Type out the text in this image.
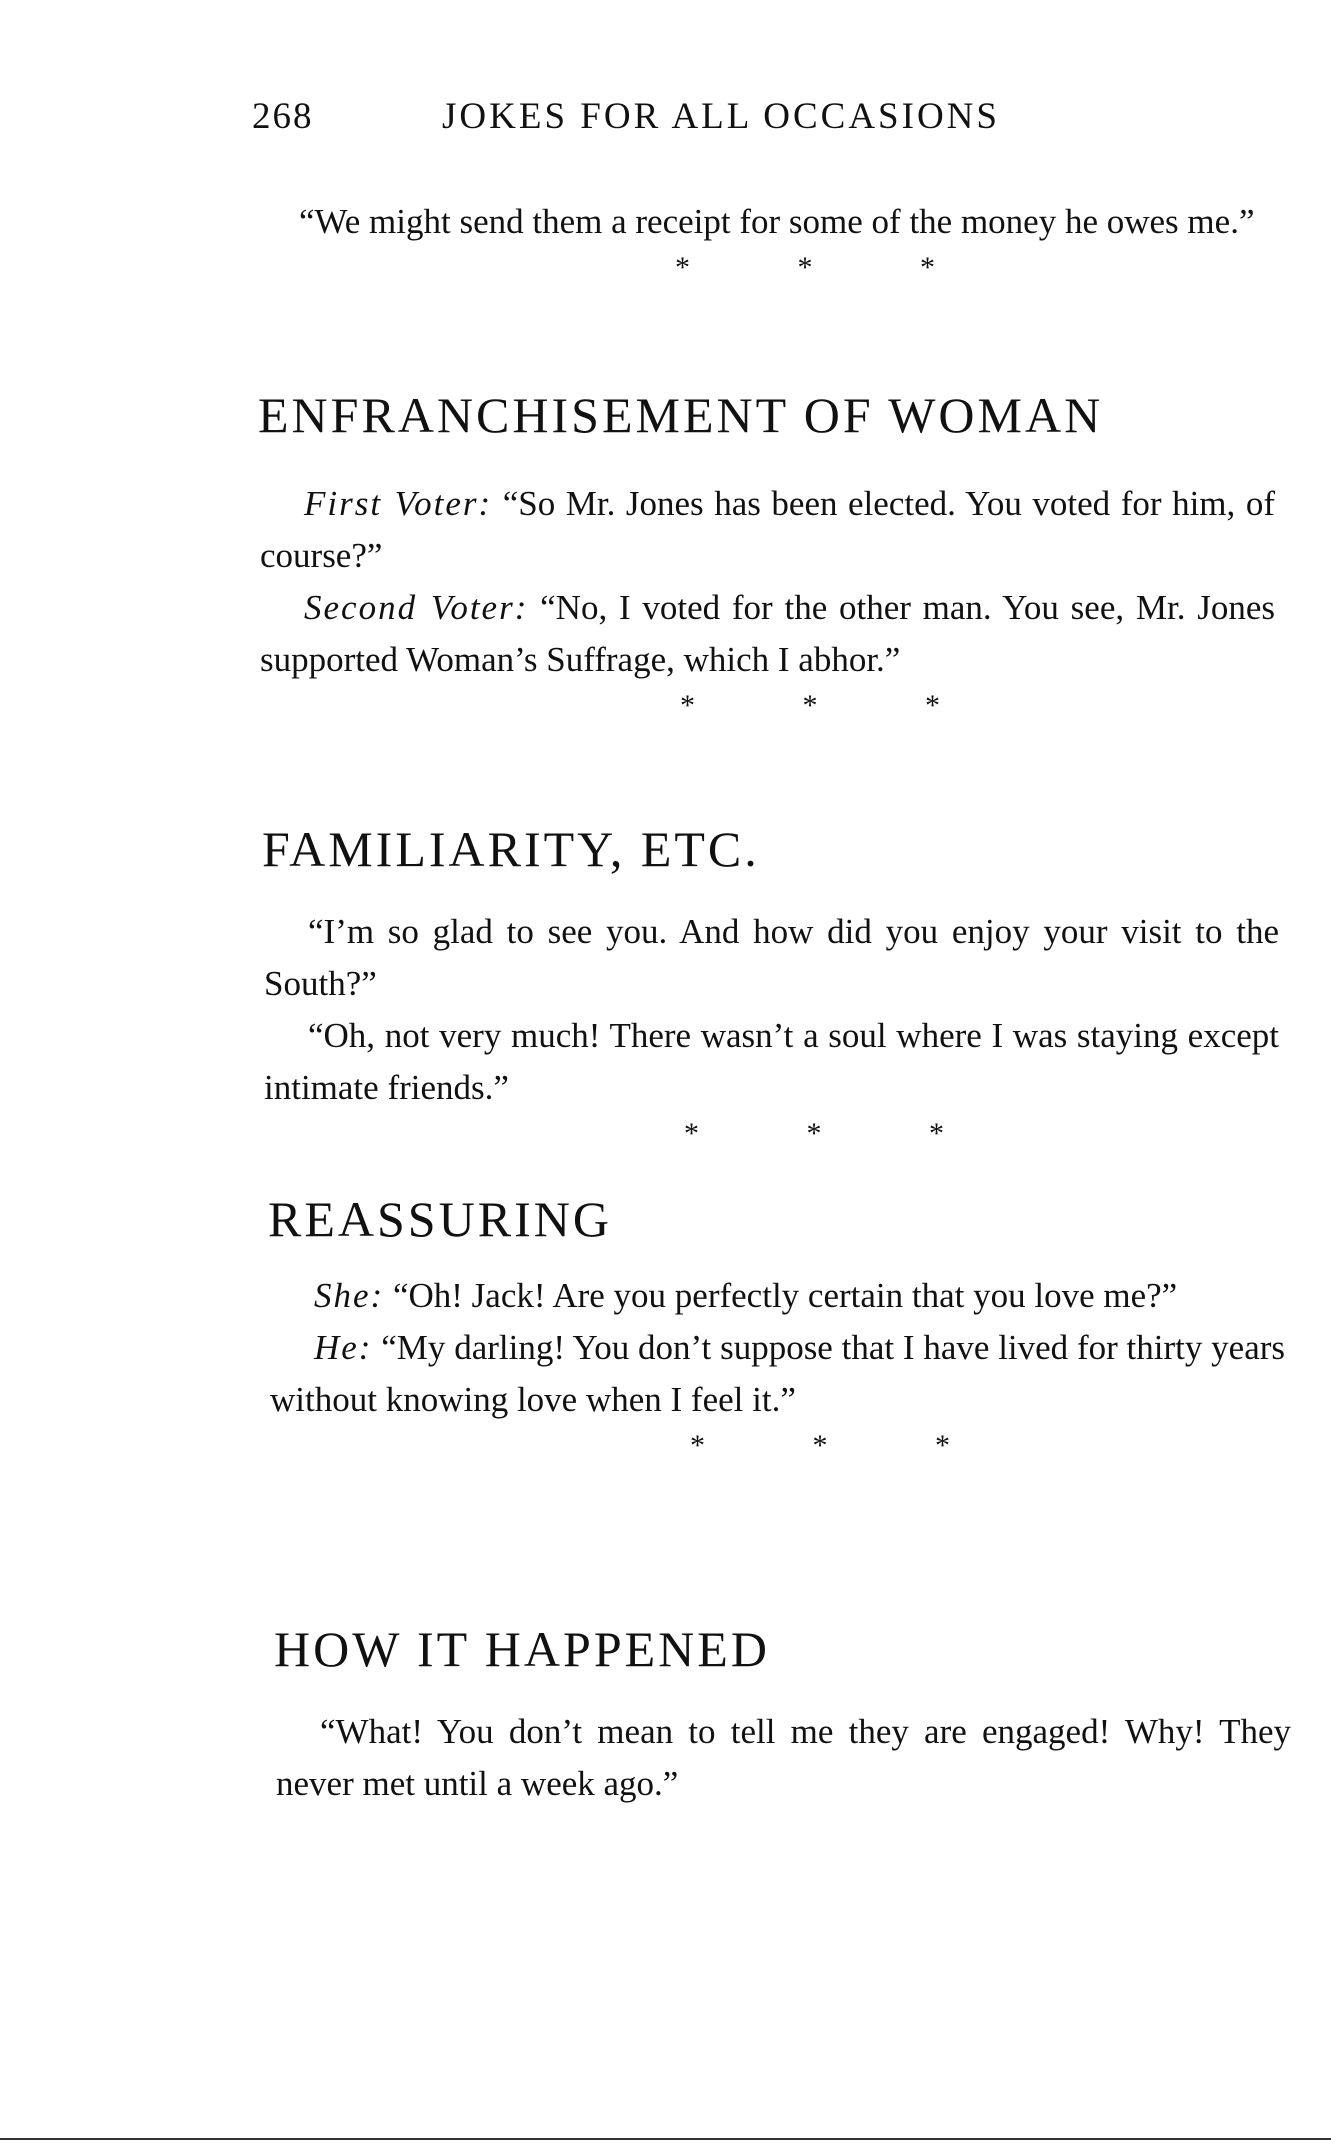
268	JOKES FOR ALL OCCASIONS

“We might send them a receipt for some of the money he owes me.”

* * *
ENFRANCHISEMENT OF WOMAN

First Voter: “So Mr. Jones has been elected. You voted for him, of course?”

Second Voter: “No, I voted for the other man. You see, Mr. Jones supported Woman’s Suffrage, which I abhor.”

* * *
FAMILIARITY, ETC.

“I’m so glad to see you. And how did you enjoy your visit to the South?”

“Oh, not very much! There wasn’t a soul where I was staying except intimate friends.”

* * *
REASSURING

She: “Oh! Jack! Are you perfectly certain that you love me?”

He: “My darling! You don’t suppose that I have lived for thirty years without knowing love when I feel it.”

* * *
HOW IT HAPPENED

“What! You don’t mean to tell me they are engaged! Why! They never met until a week ago.”
